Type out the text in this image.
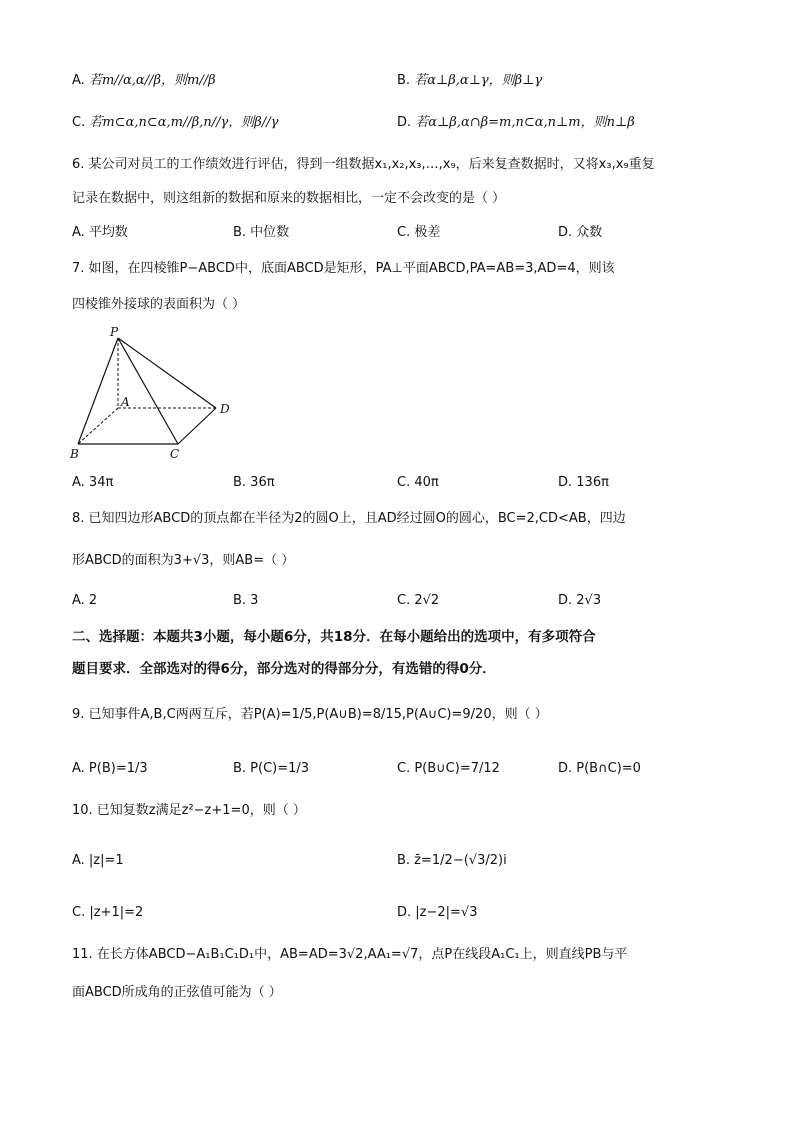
A. 若m//α,α//β，则m//β	B. 若α⊥β,α⊥γ，则β⊥γ
C. 若m⊂α,n⊂α,m//β,n//γ，则β//γ	D. 若α⊥β,α∩β=m,n⊂α,n⊥m，则n⊥β
6. 某公司对员工的工作绩效进行评估，得到一组数据x₁,x₂,x₃,…,x₉，后来复查数据时，又将x₃,x₉重复
记录在数据中，则这组新的数据和原来的数据相比，一定不会改变的是（ ）
A. 平均数	B. 中位数	C. 极差	D. 众数
7. 如图，在四棱锥P−ABCD中，底面ABCD是矩形，PA⊥平面ABCD,PA=AB=3,AD=4，则该
四棱锥外接球的表面积为（ ）
P
A
B	C
D
A. 34π	B. 36π	C. 40π	D. 136π
8. 已知四边形ABCD的顶点都在半径为2的圆O上，且AD经过圆O的圆心，BC=2,CD<AB，四边
形ABCD的面积为3+√3，则AB=（ ）
A. 2	B. 3	C. 2√2	D. 2√3
二、选择题：本题共3小题，每小题6分，共18分．在每小题给出的选项中，有多项符合
题目要求．全部选对的得6分，部分选对的得部分分，有选错的得0分．
9. 已知事件A,B,C两两互斥，若P(A)=1/5,P(A∪B)=8/15,P(A∪C)=9/20，则（ ）
A. P(B)=1/3	B. P(C)=1/3	C. P(B∪C)=7/12	D. P(B∩C)=0
10. 已知复数z满足z²−z+1=0，则（ ）
A. |z|=1	B. z̄=1/2−(√3/2)i
C. |z+1|=2	D. |z−2|=√3
11. 在长方体ABCD−A₁B₁C₁D₁中，AB=AD=3√2,AA₁=√7，点P在线段A₁C₁上，则直线PB与平
面ABCD所成角的正弦值可能为（ ）
